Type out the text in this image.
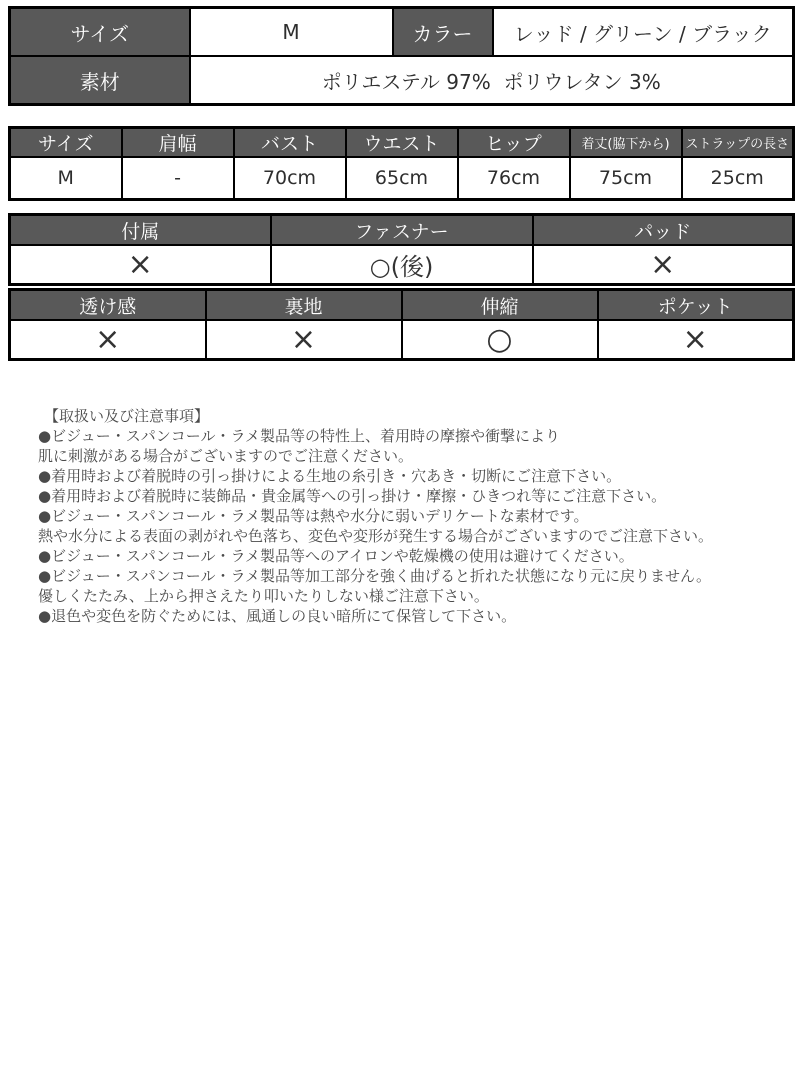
サイズ	M	カラー	レッド / グリーン / ブラック
素材	ポリエステル 97%  ポリウレタン 3%		
サイズ	肩幅	バスト	ウエスト	ヒップ	着丈(脇下から)	ストラップの長さ
M	-	70cm	65cm	76cm	75cm	25cm
付属	ファスナー	パッド
×	○(後)	×
透け感	裏地	伸縮	ポケット
×	×	○	×
【取扱い及び注意事項】
●ビジュー・スパンコール・ラメ製品等の特性上、着用時の摩擦や衝撃により
肌に刺激がある場合がございますのでご注意ください。
●着用時および着脱時の引っ掛けによる生地の糸引き・穴あき・切断にご注意下さい。
●着用時および着脱時に装飾品・貴金属等への引っ掛け・摩擦・ひきつれ等にご注意下さい。
●ビジュー・スパンコール・ラメ製品等は熱や水分に弱いデリケートな素材です。
熱や水分による表面の剥がれや色落ち、変色や変形が発生する場合がございますのでご注意下さい。
●ビジュー・スパンコール・ラメ製品等へのアイロンや乾燥機の使用は避けてください。
●ビジュー・スパンコール・ラメ製品等加工部分を強く曲げると折れた状態になり元に戻りません。
優しくたたみ、上から押さえたり叩いたりしない様ご注意下さい。
●退色や変色を防ぐためには、風通しの良い暗所にて保管して下さい。
